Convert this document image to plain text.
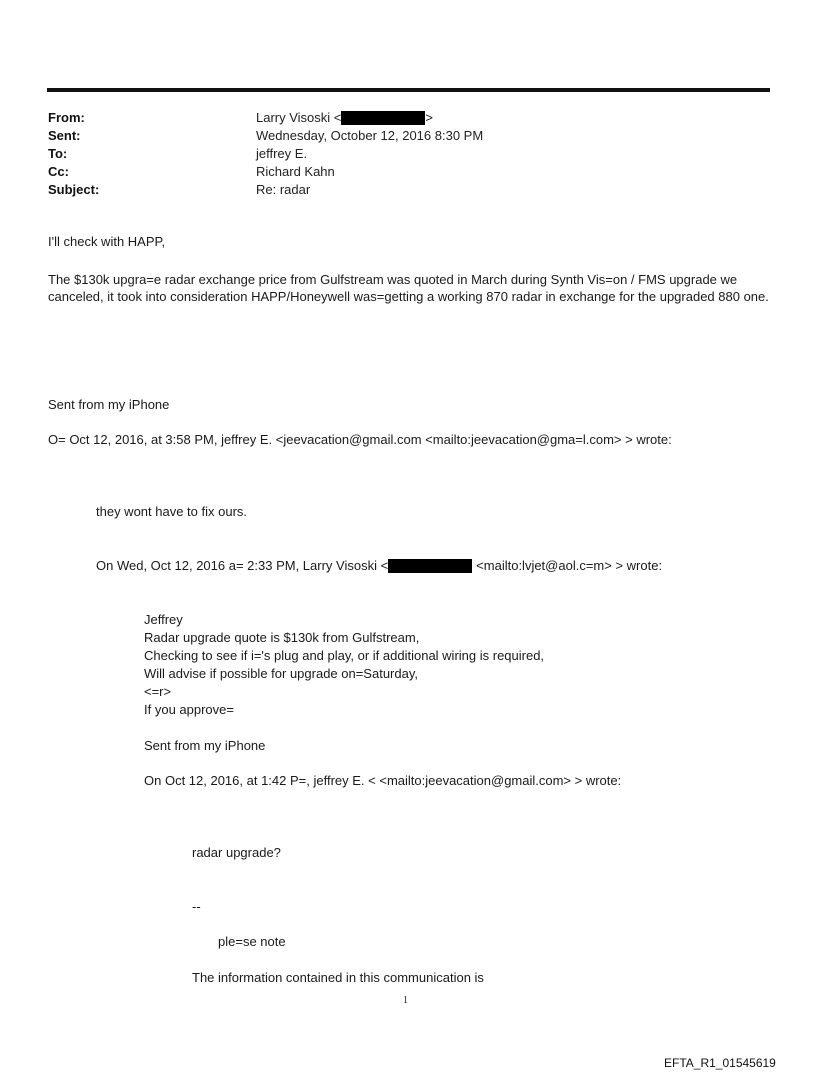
From:	Larry Visoski <	>
Sent:	Wednesday, October 12, 2016 8:30 PM
To:	jeffrey E.
Cc:	Richard Kahn
Subject:	Re: radar
I'll check with HAPP,
The $130k upgra=e radar exchange price from Gulfstream was quoted in March during Synth Vis=on / FMS upgrade we canceled, it took into consideration HAPP/Honeywell was=getting a working 870 radar in exchange for the upgraded 880 one.
Sent from my iPhone
O= Oct 12, 2016, at 3:58 PM, jeffrey E. <jeevacation@gmail.com <mailto:jeevacation@gma=l.com> > wrote:
they wont have to fix ours.
On Wed, Oct 12, 2016 a= 2:33 PM, Larry Visoski <	<mailto:lvjet@aol.c=m> > wrote:
Jeffrey
Radar upgrade quote is $130k from Gulfstream,
Checking to see if i='s plug and play, or if additional wiring is required,
Will advise if possible for upgrade on=Saturday,
<=r>
If you approve=
Sent from my iPhone
On Oct 12, 2016, at 1:42 P=, jeffrey E. < <mailto:jeevacation@gmail.com> > wrote:
radar upgrade?
--
ple=se note
The information contained in this communication is
1
EFTA_R1_01545619
